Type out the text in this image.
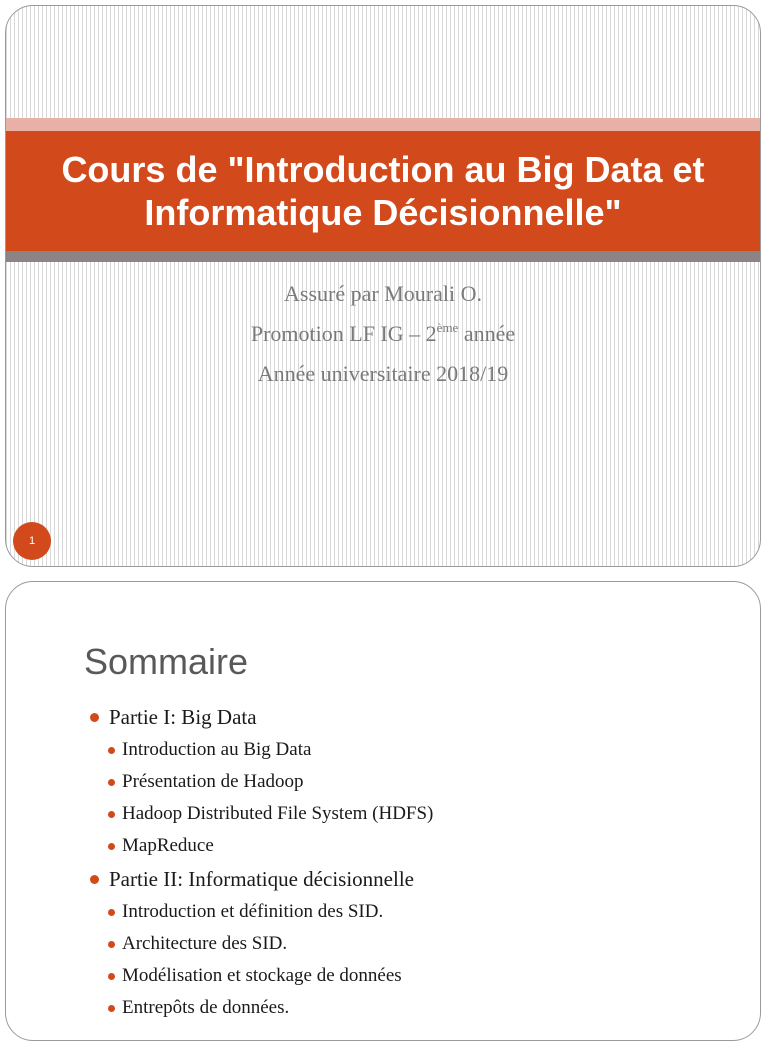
Cours de "Introduction au Big Data et
Informatique Décisionnelle"
Assuré par Mourali O.
Promotion LF IG – 2ème année
Année universitaire 2018/19
1
Sommaire
Partie I: Big Data
Introduction au Big Data
Présentation de Hadoop
Hadoop Distributed File System (HDFS)
MapReduce
Partie II: Informatique décisionnelle
Introduction et définition des SID.
Architecture des SID.
Modélisation et stockage de données
Entrepôts de données.
